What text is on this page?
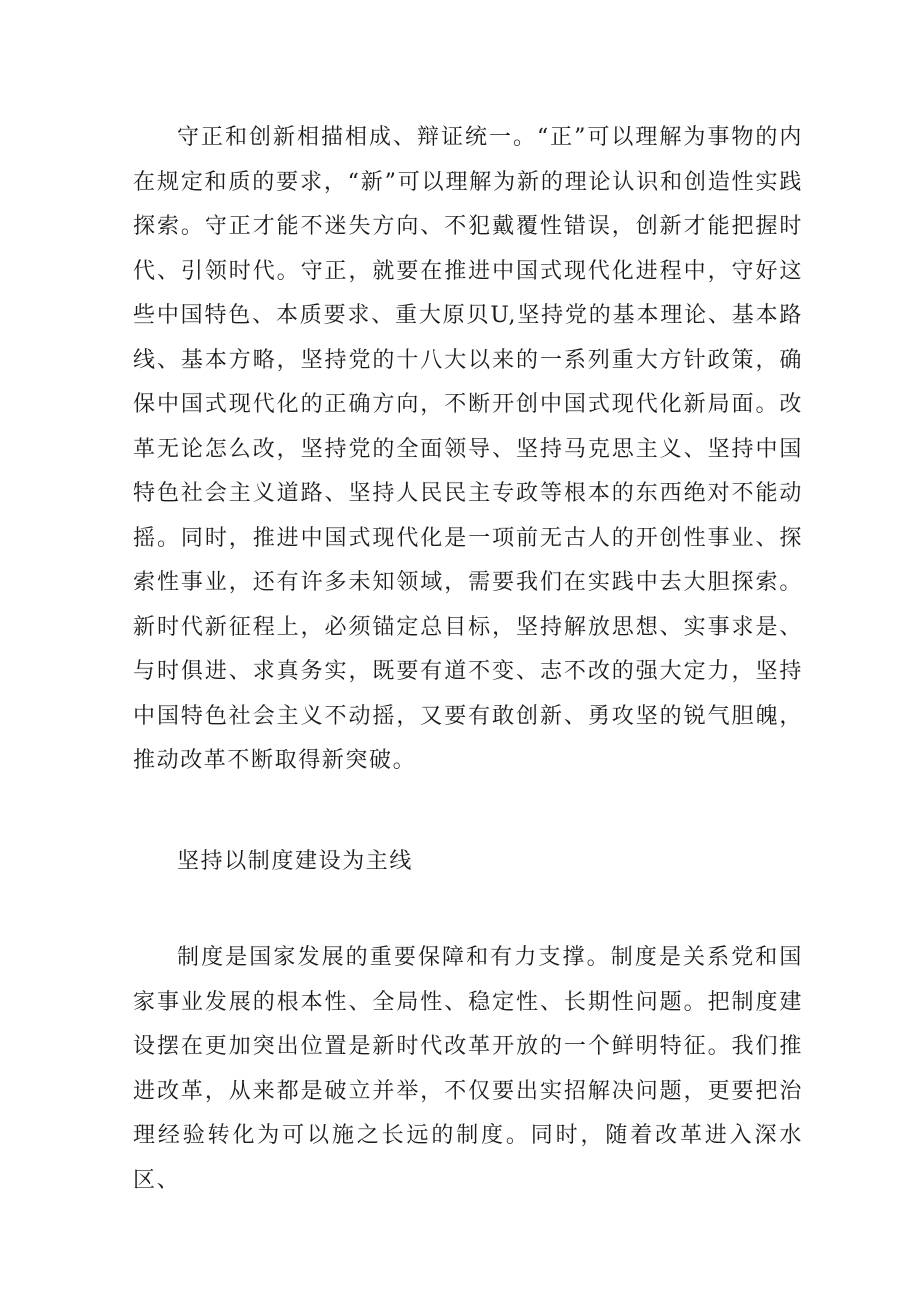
守正和创新相描相成、辩证统一。“正”可以理解为事物的内在规定和质的要求，“新”可以理解为新的理论认识和创造性实践探索。守正才能不迷失方向、不犯戴覆性错误，创新才能把握时代、引领时代。守正，就要在推进中国式现代化进程中，守好这些中国特色、本质要求、重大原贝U,坚持党的基本理论、基本路线、基本方略，坚持党的十八大以来的一系列重大方针政策，确保中国式现代化的正确方向，不断开创中国式现代化新局面。改革无论怎么改，坚持党的全面领导、坚持马克思主义、坚持中国特色社会主义道路、坚持人民民主专政等根本的东西绝对不能动摇。同时，推进中国式现代化是一项前无古人的开创性事业、探索性事业，还有许多未知领域，需要我们在实践中去大胆探索。新时代新征程上，必须锚定总目标，坚持解放思想、实事求是、与时俱进、求真务实，既要有道不变、志不改的强大定力，坚持中国特色社会主义不动摇，又要有敢创新、勇攻坚的锐气胆魄，推动改革不断取得新突破。

坚持以制度建设为主线

制度是国家发展的重要保障和有力支撑。制度是关系党和国家事业发展的根本性、全局性、稳定性、长期性问题。把制度建设摆在更加突出位置是新时代改革开放的一个鲜明特征。我们推进改革，从来都是破立并举，不仅要出实招解决问题，更要把治理经验转化为可以施之长远的制度。同时，随着改革进入深水区、
